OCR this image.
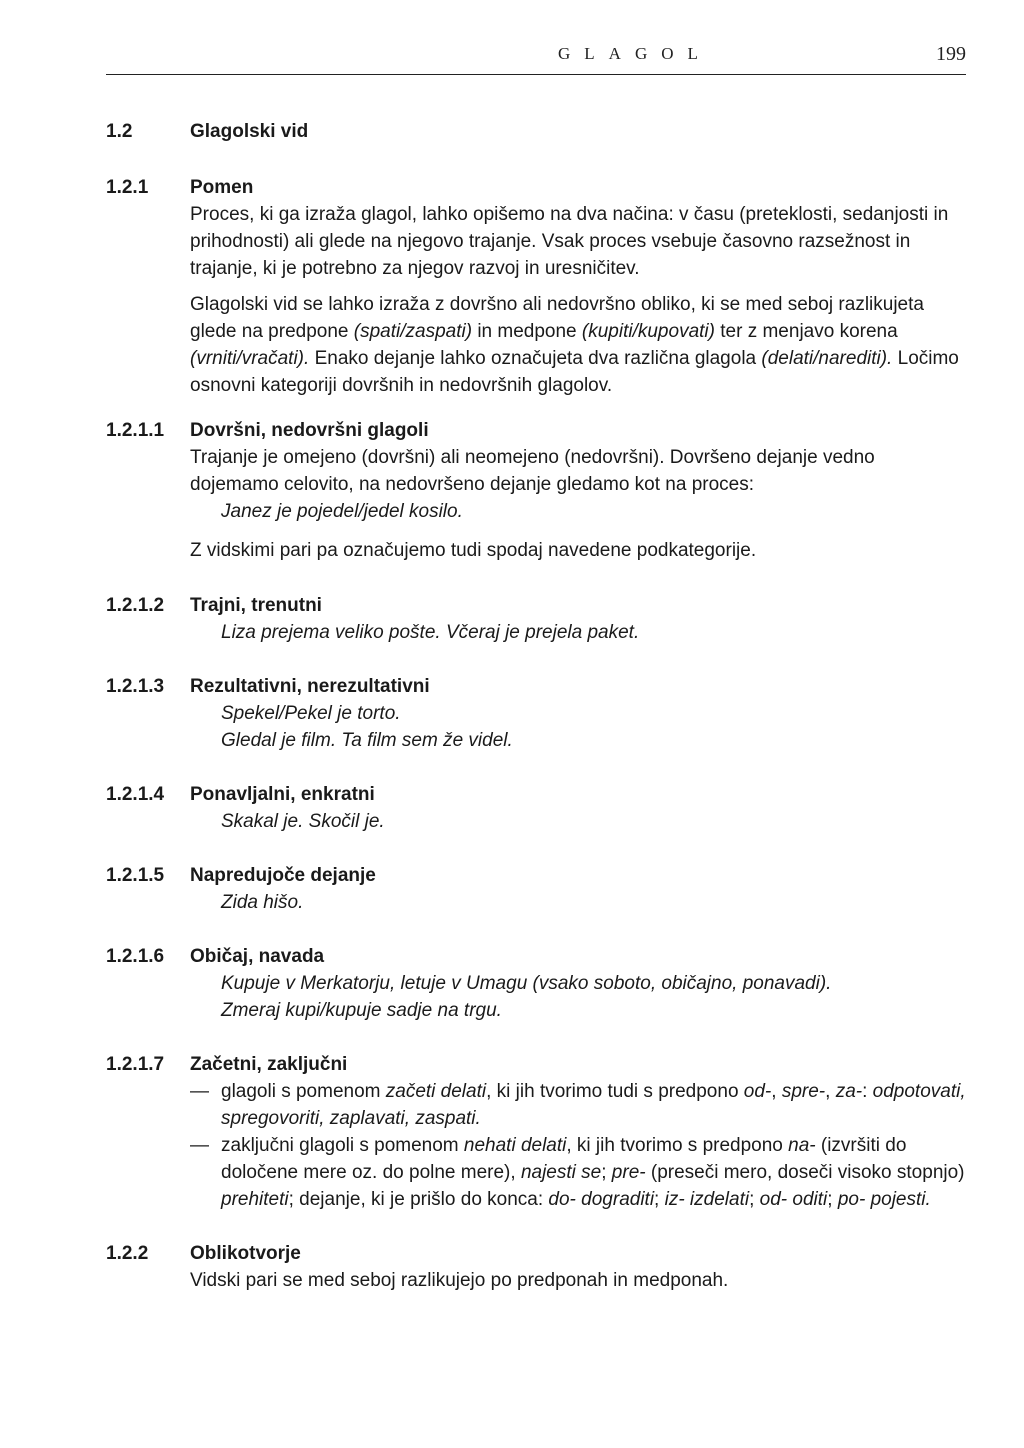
GLAGOL	199
1.2	Glagolski vid
1.2.1 Pomen

Proces, ki ga izraža glagol, lahko opišemo na dva načina: v času (preteklosti, sedanjosti in prihodnosti) ali glede na njegovo trajanje. Vsak proces vsebuje časovno razsežnost in trajanje, ki je potrebno za njegov razvoj in uresničitev.

Glagolski vid se lahko izraža z dovršno ali nedovršno obliko, ki se med seboj razlikujeta glede na predpone (spati/zaspati) in medpone (kupiti/kupovati) ter z menjavo korena (vrniti/vračati). Enako dejanje lahko označujeta dva različna glagola (delati/narediti). Ločimo osnovni kategoriji dovršnih in nedovršnih glagolov.

1.2.1.1 Dovršni, nedovršni glagoli

Trajanje je omejeno (dovršni) ali neomejeno (nedovršni). Dovršeno dejanje vedno dojemamo celovito, na nedovršeno dejanje gledamo kot na proces:

Janez je pojedel/jedel kosilo.

Z vidskimi pari pa označujemo tudi spodaj navedene podkategorije.

1.2.1.2 Trajni, trenutni

Liza prejema veliko pošte. Včeraj je prejela paket.

1.2.1.3 Rezultativni, nerezultativni

Spekel/Pekel je torto.

Gledal je film. Ta film sem že videl.

1.2.1.4 Ponavljalni, enkratni

Skakal je. Skočil je.

1.2.1.5 Napredujoče dejanje

Zida hišo.

1.2.1.6 Običaj, navada

Kupuje v Merkatorju, letuje v Umagu (vsako soboto, običajno, ponavadi).

Zmeraj kupi/kupuje sadje na trgu.

1.2.1.7 Začetni, zaključni
— glagoli s pomenom začeti delati, ki jih tvorimo tudi s predpono od-, spre-, za-: odpotovati, spregovoriti, zaplavati, zaspati.
— zaključni glagoli s pomenom nehati delati, ki jih tvorimo s predpono na- (izvršiti do določene mere oz. do polne mere), najesti se; pre- (preseči mero, doseči visoko stopnjo) prehiteti; dejanje, ki je prišlo do konca: do- dograditi; iz- izdelati; od- oditi; po- pojesti.
1.2.2 Oblikotvorje

Vidski pari se med seboj razlikujejo po predponah in medponah.
